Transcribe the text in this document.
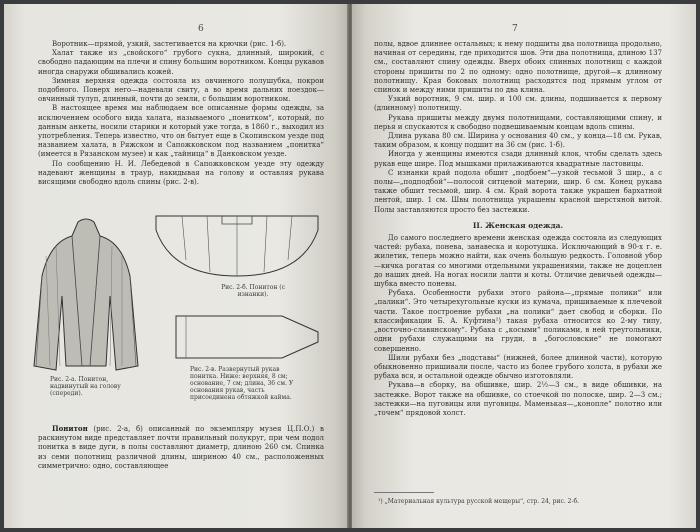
6

Воротник—прямой, узкий, застегивается на крючки (рис. 1-б).

Халат также из „свойского“ грубого сукна, длинный, широкий, с свободно падающим на плечи и спину большим воротником. Концы рукавов иногда снаружи обшивались кожей.

Зимняя верхняя одежда состояла из овчинного полушубка, покрои подобного. Поверх него—надевали свиту, а во время дальних поездок—овчинный тулуп, длинный, почти до земли, с большим воротником.

В настоящее время мы наблюдаем все описанные формы одежды, за исключением особого вида халата, называемого „понитком“, который, по данным анкеты, носили старики и который уже тогда, в 1860 г., выходил из употребления. Теперь известно, что он бытует еще в Скопинском уезде под названием халата, в Ряжском и Сапожковском под названием „понитка“ (имеется в Рязанском музее) и как „тайница“ в Данковском уезде.

По сообщению Н. И. Лебедевой в Сапожковском уезде эту одежду надевают женщины в траур, накидывая на голову и оставляя рукава висящими свободно вдоль спины (рис. 2-в).

Рис. 2-а. Понитон, надвинутый на голову (спереди).
Рис. 2-б. Понитон (с изнанки).
Рис. 2-в. Развернутый рукав понитка. Ниже: верхняя, 8 см; основание, 7 см; длина, 36 см. У основания рукав, часть присоединена обтяжкой кайма.

Понитон (рис. 2-а, б) описанный по экземпляру музея Ц.П.О.) в раскинутом виде представляет почти правильный полукруг, при чем подол понитка в виде дуги, в полы составляют диаметр, длиною 260 см. Спинка из семи полотнищ различной длины, шириною 40 см., расположенных симметрично: одно, составляющее

7

полы, вдвое длиннее остальных; к нему подшиты два полотнища продольно, начиная от середины, где приходится шов. Эти два полотнища, длиною 137 см., составляют спину одежды. Вверх обоих спинных полотнищ с каждой стороны пришиты по 2 по одному: одно полотнище, другой—к длинному полотнищу. Края боковых полотнищ расходятся под прямым углом от спинок и между ними пришиты по два клина.

Узкий воротник, 9 см. шир. и 100 см. длины, подшивается к первому (длинному) полотнищу.

Рукава пришиты между двумя полотнищами, составляющими спину, и перья и спускаются к свободно подвешиваемым концам вдоль спины.

Длина рукава 80 см. Ширина у основания 40 см., у конца—18 см. Рукав, таким образом, к концу подшит на 36 см (рис. 1-б).

Иногда у женщины имеются сзади длинный клок, чтобы сделать здесь рукав еще шире. Под мышками прилаживаются квадратные ластовицы.

С изнанки край подола обшит „подбоем“—узкой тесьмой 3 шир., а с полы—„подподбой“—полосой ситцевой материи, шир. 6 см. Конец рукава также обшит тесьмой, шир. 4 см. Край ворота также украшен бархатной лентой, шир. 1 см. Швы полотнища украшены красной шерстяной витой. Полы заставляются просто без застежки.

II. Женская одежда.

До самого последнего времени женская одежда состояла из следующих частей: рубаха, понева, занавеска и коротушка. Исключающий в 90-х г. е. жилетик, теперь можно найти, как очень большую редкость. Головной убор—кичка рогатая со многими отдельными украшениями, также не доцеплен до наших дней. На ногах носили лапти и коты. Отличие девичьей одежды—шубка вместо поневы.

Рубаха. Особенности рубахи этого района—„прямые полики“ или „палики“. Это четырехугольные куски из кумача, пришиваемые к плечевой части. Такое построение рубахи „на полики“ дает свобод и сборки. По классификации Б. А. Куфтина¹) такая рубаха относится ко 2-му типу, „восточно-славянскому“. Рубаха с „косыми“ поликами, в ней треугольники, одни рубахи служащими на груди, в „богословские“ не помогают совершенно.

Шили рубахи без „подставы“ (нижней, более длинной части), которую обыкновенно пришивали после, часто из более грубого холста, в рубахи же рубаха вся, и остальной одежде обычно изготовляли.

Рукава—в сборку, на обшивке, шир. 2½—3 см., в виде обшивки, на застежке. Ворот также на обшивке, со стоечкой по полоске, шир. 2—3 см.; застежки—на пуговицы или пуговицы. Маменькая—„конопле“ полотно или „точем“ прядовой холст.

¹) „Материальная культура русской мещеры“, стр. 24, рис. 2-б.
